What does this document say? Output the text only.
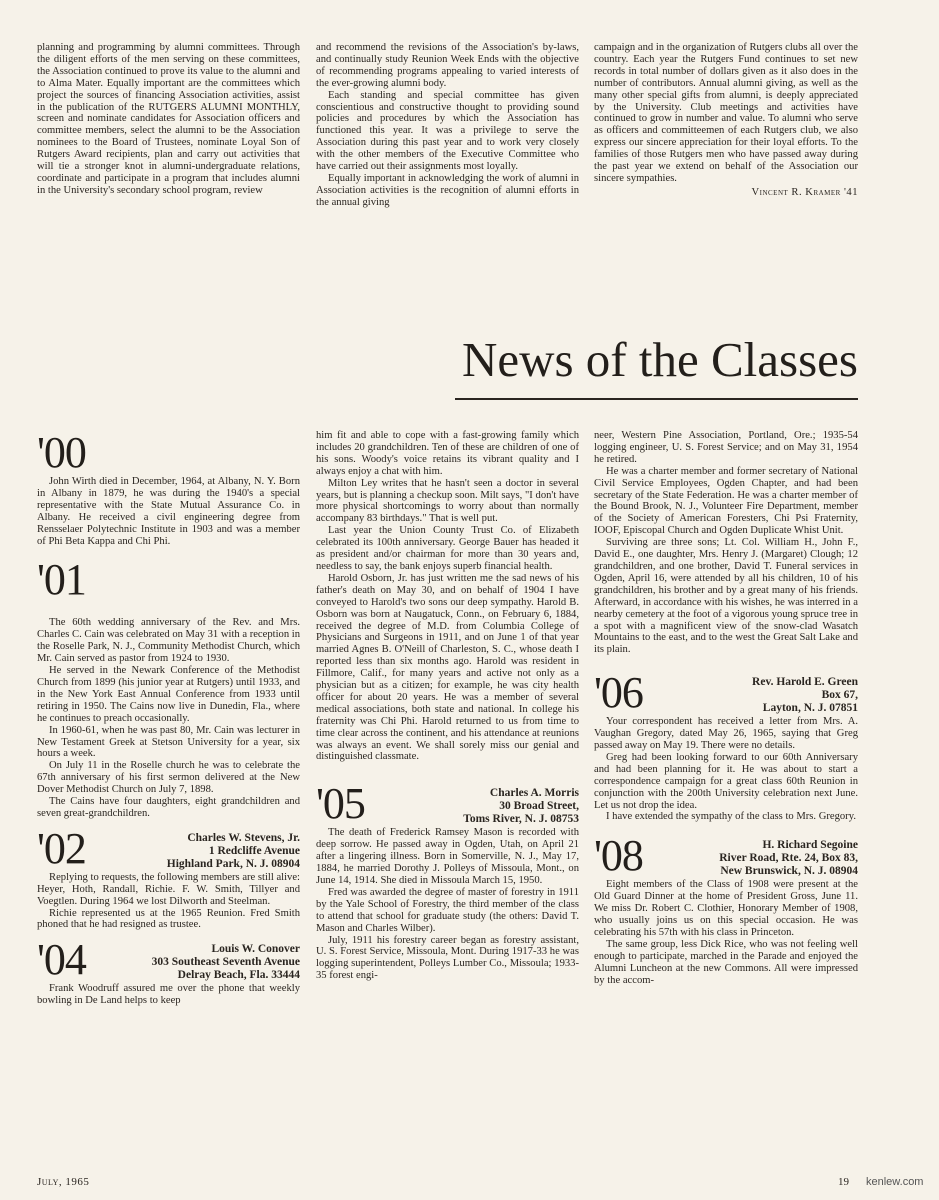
planning and programming by alumni committees. Through the diligent efforts of the men serving on these committees, the Association continued to prove its value to the alumni and to Alma Mater. Equally important are the committees which project the sources of financing Association activities, assist in the publication of the RUTGERS ALUMNI MONTHLY, screen and nominate candidates for Association officers and committee members, select the alumni to be the Association nominees to the Board of Trustees, nominate Loyal Son of Rutgers Award recipients, plan and carry out activities that will tie a stronger knot in alumni-undergraduate relations, coordinate and participate in a program that includes alumni in the University's secondary school program, review

and recommend the revisions of the Association's by-laws, and continually study Reunion Week Ends with the objective of recommending programs appealing to varied interests of the ever-growing alumni body.

Each standing and special committee has given conscientious and constructive thought to providing sound policies and procedures by which the Association has functioned this year. It was a privilege to serve the Association during this past year and to work very closely with the other members of the Executive Committee who have carried out their assignments most loyally.

Equally important in acknowledging the work of alumni in Association activities is the recognition of alumni efforts in the annual giving

campaign and in the organization of Rutgers clubs all over the country. Each year the Rutgers Fund continues to set new records in total number of dollars given as it also does in the number of contributors. Annual alumni giving, as well as the many other special gifts from alumni, is deeply appreciated by the University. Club meetings and activities have continued to grow in number and value. To alumni who serve as officers and committeemen of each Rutgers club, we also express our sincere appreciation for their loyal efforts. To the families of those Rutgers men who have passed away during the past year we extend on behalf of the Association our sincere sympathies.

Vincent R. Kramer '41

News of the Classes
'00

John Wirth died in December, 1964, at Albany, N. Y. Born in Albany in 1879, he was during the 1940's a special representative with the State Mutual Assurance Co. in Albany. He received a civil engineering degree from Rensselaer Polytechnic Institute in 1903 and was a member of Phi Beta Kappa and Chi Phi.

'01

The 60th wedding anniversary of the Rev. and Mrs. Charles C. Cain was celebrated on May 31 with a reception in the Roselle Park, N. J., Community Methodist Church, which Mr. Cain served as pastor from 1924 to 1930.

He served in the Newark Conference of the Methodist Church from 1899 (his junior year at Rutgers) until 1933, and in the New York East Annual Conference from 1933 until retiring in 1950. The Cains now live in Dunedin, Fla., where he continues to preach occasionally.

In 1960-61, when he was past 80, Mr. Cain was lecturer in New Testament Greek at Stetson University for a year, six hours a week.

On July 11 in the Roselle church he was to celebrate the 67th anniversary of his first sermon delivered at the New Dover Methodist Church on July 7, 1898.

The Cains have four daughters, eight grandchildren and seven great-grandchildren.

'02	Charles W. Stevens, Jr.
1 Redcliffe Avenue
Highland Park, N. J. 08904

Replying to requests, the following members are still alive: Heyer, Hoth, Randall, Richie. F. W. Smith, Tillyer and Voegtlen. During 1964 we lost Dilworth and Steelman.

Richie represented us at the 1965 Reunion. Fred Smith phoned that he had resigned as trustee.

'04	Louis W. Conover
303 Southeast Seventh Avenue
Delray Beach, Fla. 33444

Frank Woodruff assured me over the phone that weekly bowling in De Land helps to keep

him fit and able to cope with a fast-growing family which includes 20 grandchildren. Ten of these are children of one of his sons. Woody's voice retains its vibrant quality and I always enjoy a chat with him.

Milton Ley writes that he hasn't seen a doctor in several years, but is planning a checkup soon. Milt says, "I don't have more physical shortcomings to worry about than normally accompany 83 birthdays." That is well put.

Last year the Union County Trust Co. of Elizabeth celebrated its 100th anniversary. George Bauer has headed it as president and/or chairman for more than 30 years and, needless to say, the bank enjoys superb financial health.

Harold Osborn, Jr. has just written me the sad news of his father's death on May 30, and on behalf of 1904 I have conveyed to Harold's two sons our deep sympathy. Harold B. Osborn was born at Naugatuck, Conn., on February 6, 1884, received the degree of M.D. from Columbia College of Physicians and Surgeons in 1911, and on June 1 of that year married Agnes B. O'Neill of Charleston, S. C., whose death I reported less than six months ago. Harold was resident in Fillmore, Calif., for many years and active not only as a physician but as a citizen; for example, he was city health officer for about 20 years. He was a member of several medical associations, both state and national. In college his fraternity was Chi Phi. Harold returned to us from time to time clear across the continent, and his attendance at reunions was always an event. We shall sorely miss our genial and distinguished classmate.

'05	Charles A. Morris
30 Broad Street,
Toms River, N. J. 08753

The death of Frederick Ramsey Mason is recorded with deep sorrow. He passed away in Ogden, Utah, on April 21 after a lingering illness. Born in Somerville, N. J., May 17, 1884, he married Dorothy J. Polleys of Missoula, Mont., on June 14, 1914. She died in Missoula March 15, 1950.

Fred was awarded the degree of master of forestry in 1911 by the Yale School of Forestry, the third member of the class to attend that school for graduate study (the others: David T. Mason and Charles Wilber).

July, 1911 his forestry career began as forestry assistant, U. S. Forest Service, Missoula, Mont. During 1917-33 he was logging superintendent, Polleys Lumber Co., Missoula; 1933-35 forest engi-

neer, Western Pine Association, Portland, Ore.; 1935-54 logging engineer, U. S. Forest Service; and on May 31, 1954 he retired.

He was a charter member and former secretary of National Civil Service Employees, Ogden Chapter, and had been secretary of the State Federation. He was a charter member of the Bound Brook, N. J., Volunteer Fire Department, member of the Society of American Foresters, Chi Psi Fraternity, IOOF, Episcopal Church and Ogden Duplicate Whist Unit.

Surviving are three sons; Lt. Col. William H., John F., David E., one daughter, Mrs. Henry J. (Margaret) Clough; 12 grandchildren, and one brother, David T. Funeral services in Ogden, April 16, were attended by all his children, 10 of his grandchildren, his brother and by a great many of his friends. Afterward, in accordance with his wishes, he was interred in a nearby cemetery at the foot of a vigorous young spruce tree in a spot with a magnificent view of the snow-clad Wasatch Mountains to the east, and to the west the Great Salt Lake and its plain.

'06	Rev. Harold E. Green
Box 67,
Layton, N. J. 07851

Your correspondent has received a letter from Mrs. A. Vaughan Gregory, dated May 26, 1965, saying that Greg passed away on May 19. There were no details.

Greg had been looking forward to our 60th Anniversary and had been planning for it. He was about to start a correspondence campaign for a great class 60th Reunion in conjunction with the 200th University celebration next June. Let us not drop the idea.

I have extended the sympathy of the class to Mrs. Gregory.

'08	H. Richard Segoine
River Road, Rte. 24, Box 83,
New Brunswick, N. J. 08904

Eight members of the Class of 1908 were present at the Old Guard Dinner at the home of President Gross, June 11. We miss Dr. Robert C. Clothier, Honorary Member of 1908, who usually joins us on this special occasion. He was celebrating his 57th with his class in Princeton.

The same group, less Dick Rice, who was not feeling well enough to participate, marched in the Parade and enjoyed the Alumni Luncheon at the new Commons. All were impressed by the accom-

July, 1965	19 kenlew.com
